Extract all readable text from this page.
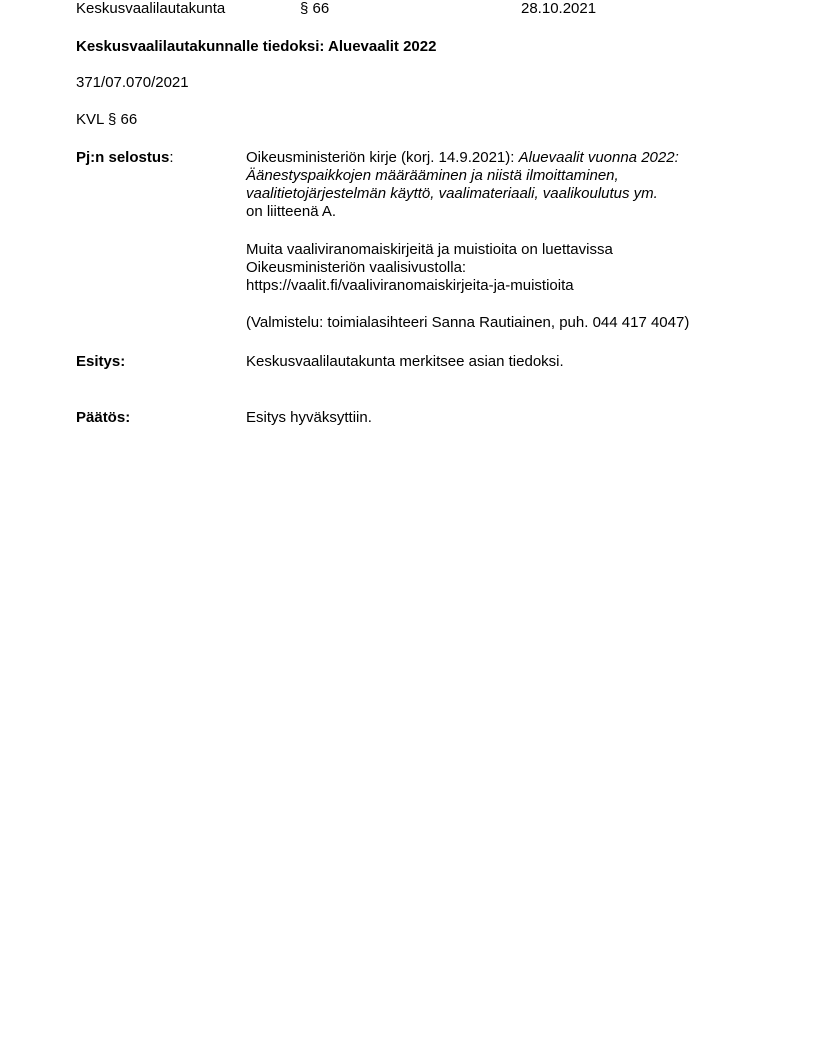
Keskusvaalilautakunta	§ 66	28.10.2021
Keskusvaalilautakunnalle tiedoksi: Aluevaalit 2022
371/07.070/2021
KVL § 66
Pj:n selostus:	Oikeusministeriön kirje (korj. 14.9.2021): Aluevaalit vuonna 2022:
Äänestyspaikkojen määrääminen ja niistä ilmoittaminen,
vaalitietojärjestelmän käyttö, vaalimateriaali, vaalikoulutus ym.
on liitteenä A.
Muita vaaliviranomaiskirjeitä ja muistioita on luettavissa
Oikeusministeriön vaalisivustolla:
https://vaalit.fi/vaaliviranomaiskirjeita-ja-muistioita
(Valmistelu: toimialasihteeri Sanna Rautiainen, puh. 044 417 4047)
Esitys:	Keskusvaalilautakunta merkitsee asian tiedoksi.
Päätös:	Esitys hyväksyttiin.
